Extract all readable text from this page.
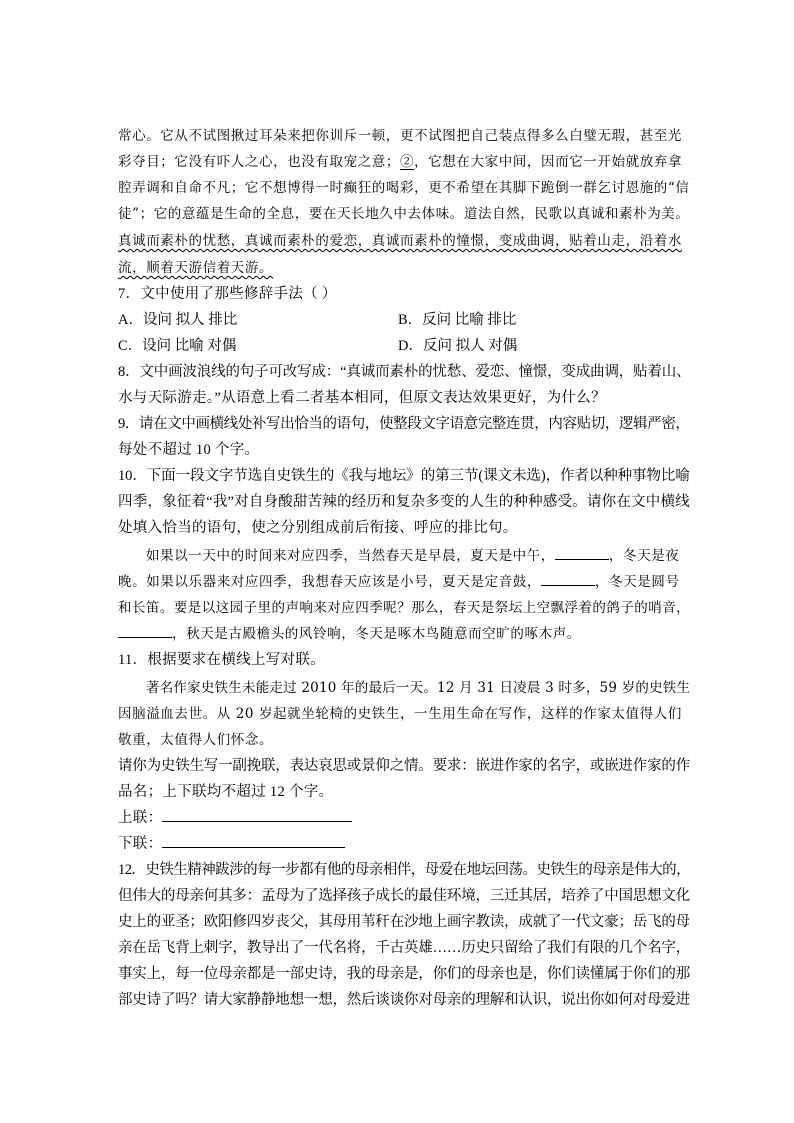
常心。它从不试图揪过耳朵来把你训斥一顿，更不试图把自己装点得多么白璧无瑕，甚至光
彩夺目；它没有吓人之心，也没有取宠之意；②，它想在大家中间，因而它一开始就放弃拿
腔弄调和自命不凡；它不想博得一时癫狂的喝彩，更不希望在其脚下跪倒一群乞讨恩施的“信
徒”；它的意蕴是生命的全息，要在天长地久中去体味。道法自然，民歌以真诚和素朴为美。
真诚而素朴的忧愁，真诚而素朴的爱恋，真诚而素朴的憧憬，变成曲调，贴着山走，沿着水
流，顺着天游信着天游。
7．文中使用了那些修辞手法（ ）
A．设问 拟人 排比	B．反问 比喻 排比
C．设问 比喻 对偶	D．反问 拟人 对偶
8．文中画波浪线的句子可改写成：“真诚而素朴的忧愁、爱恋、憧憬，变成曲调，贴着山、
水与天际游走。”从语意上看二者基本相同，但原文表达效果更好，为什么？
9．请在文中画横线处补写出恰当的语句，使整段文字语意完整连贯，内容贴切，逻辑严密，
每处不超过 10 个字。
10．下面一段文字节选自史铁生的《我与地坛》的第三节(课文未选)，作者以种种事物比喻
四季，象征着“我”对自身酸甜苦辣的经历和复杂多变的人生的种种感受。请你在文中横线
处填入恰当的语句，使之分别组成前后衔接、呼应的排比句。
如果以一天中的时间来对应四季，当然春天是早晨，夏天是中午，	，冬天是夜
晚。如果以乐器来对应四季，我想春天应该是小号，夏天是定音鼓，	，冬天是圆号
和长笛。要是以这园子里的声响来对应四季呢？那么，春天是祭坛上空飘浮着的鸽子的哨音，
，秋天是古殿檐头的风铃响，冬天是啄木鸟随意而空旷的啄木声。
11．根据要求在横线上写对联。
著名作家史铁生未能走过 2010 年的最后一天。12 月 31 日凌晨 3 时多，59 岁的史铁生
因脑溢血去世。从 20 岁起就坐轮椅的史铁生，一生用生命在写作，这样的作家太值得人们
敬重，太值得人们怀念。
请你为史铁生写一副挽联，表达哀思或景仰之情。要求：嵌进作家的名字，或嵌进作家的作
品名；上下联均不超过 12 个字。
上联：
下联：
12．史铁生精神跋涉的每一步都有他的母亲相伴，母爱在地坛回荡。史铁生的母亲是伟大的，
但伟大的母亲何其多：孟母为了选择孩子成长的最佳环境，三迁其居，培养了中国思想文化
史上的亚圣；欧阳修四岁丧父，其母用苇秆在沙地上画字教读，成就了一代文豪；岳飞的母
亲在岳飞背上刺字，教导出了一代名将，千古英雄……历史只留给了我们有限的几个名字，
事实上，每一位母亲都是一部史诗，我的母亲是，你们的母亲也是，你们读懂属于你们的那
部史诗了吗？请大家静静地想一想，然后谈谈你对母亲的理解和认识，说出你如何对母爱进
